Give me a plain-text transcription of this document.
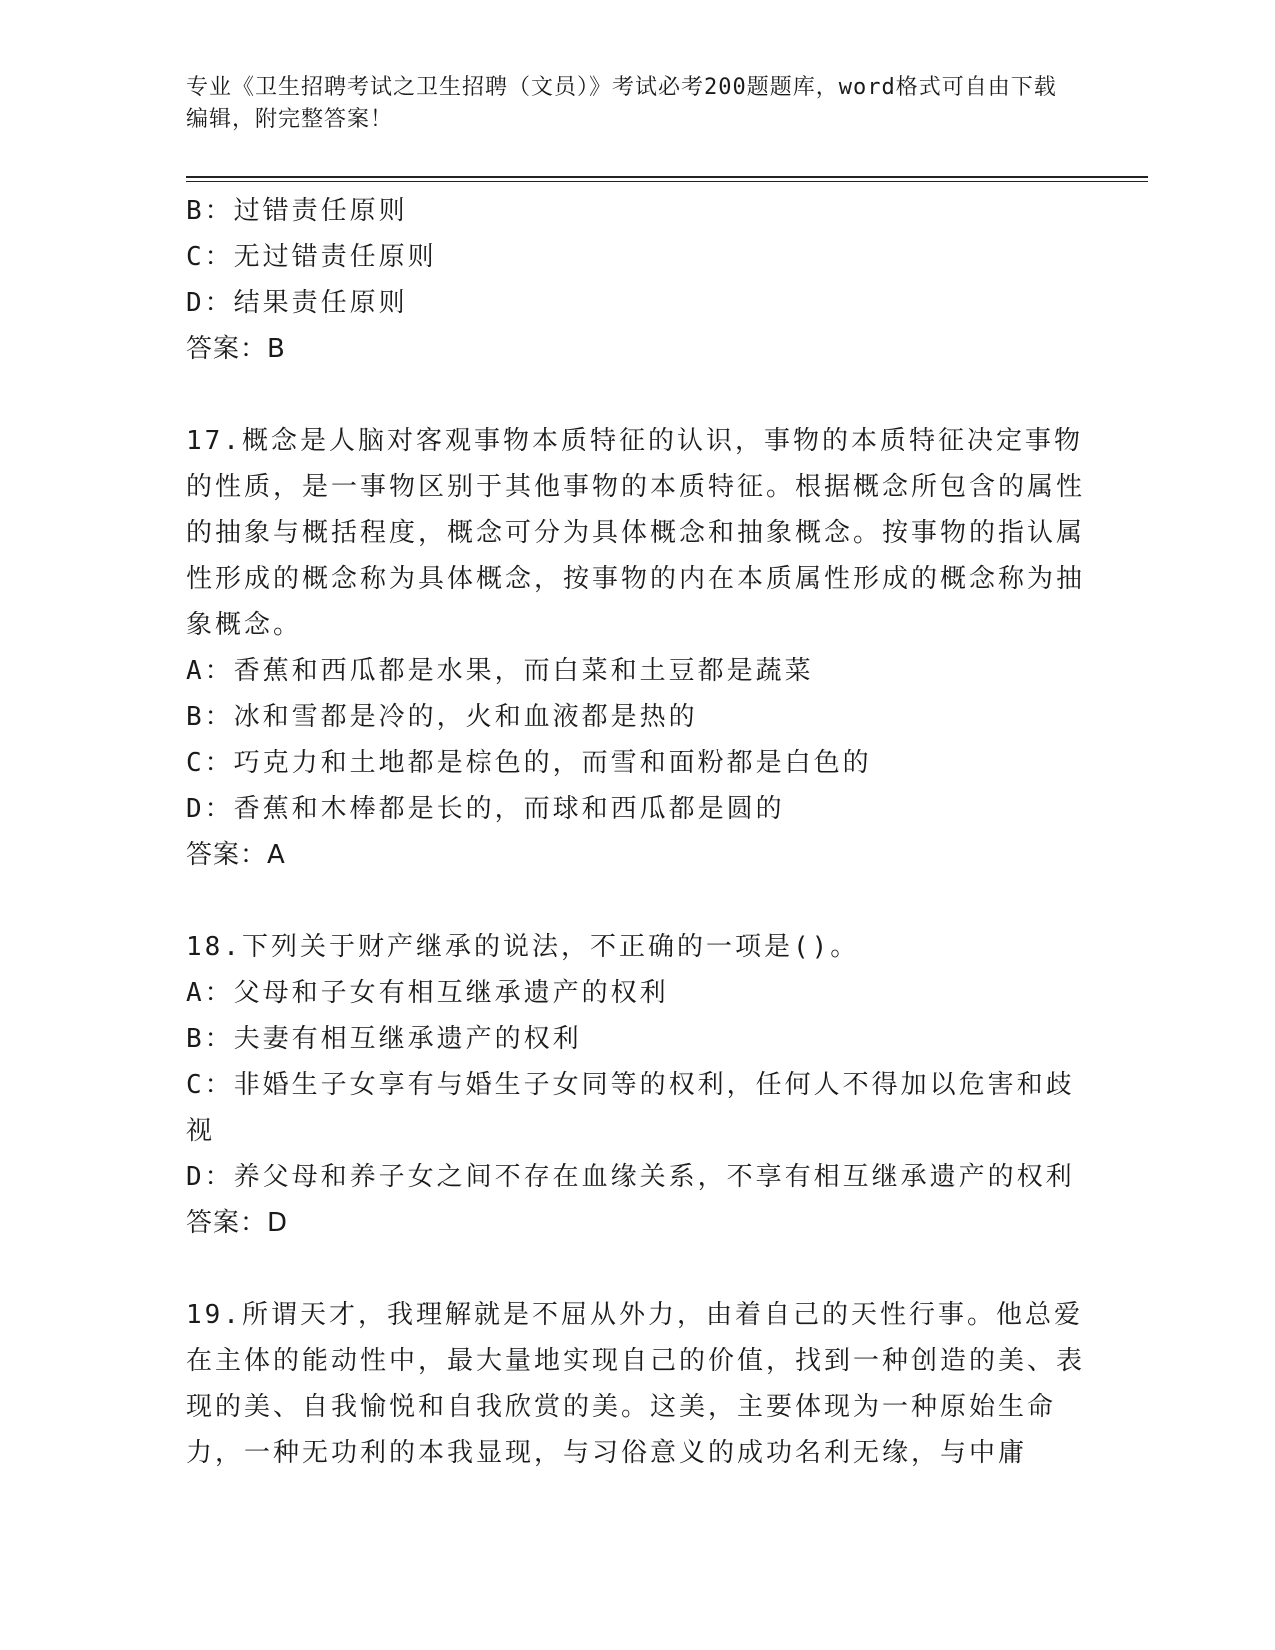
专业《卫生招聘考试之卫生招聘（文员）》考试必考200题题库，word格式可自由下载编辑，附完整答案！
B：过错责任原则
C：无过错责任原则
D：结果责任原则
答案：B
17.概念是人脑对客观事物本质特征的认识，事物的本质特征决定事物的性质，是一事物区别于其他事物的本质特征。根据概念所包含的属性的抽象与概括程度，概念可分为具体概念和抽象概念。按事物的指认属性形成的概念称为具体概念，按事物的内在本质属性形成的概念称为抽象概念。
A：香蕉和西瓜都是水果，而白菜和土豆都是蔬菜
B：冰和雪都是冷的，火和血液都是热的
C：巧克力和土地都是棕色的，而雪和面粉都是白色的
D：香蕉和木棒都是长的，而球和西瓜都是圆的
答案：A
18.下列关于财产继承的说法，不正确的一项是()。
A：父母和子女有相互继承遗产的权利
B：夫妻有相互继承遗产的权利
C：非婚生子女享有与婚生子女同等的权利，任何人不得加以危害和歧视
D：养父母和养子女之间不存在血缘关系，不享有相互继承遗产的权利
答案：D
19.所谓天才，我理解就是不屈从外力，由着自己的天性行事。他总爱在主体的能动性中，最大量地实现自己的价值，找到一种创造的美、表现的美、自我愉悦和自我欣赏的美。这美，主要体现为一种原始生命力，一种无功利的本我显现，与习俗意义的成功名利无缘，与中庸
